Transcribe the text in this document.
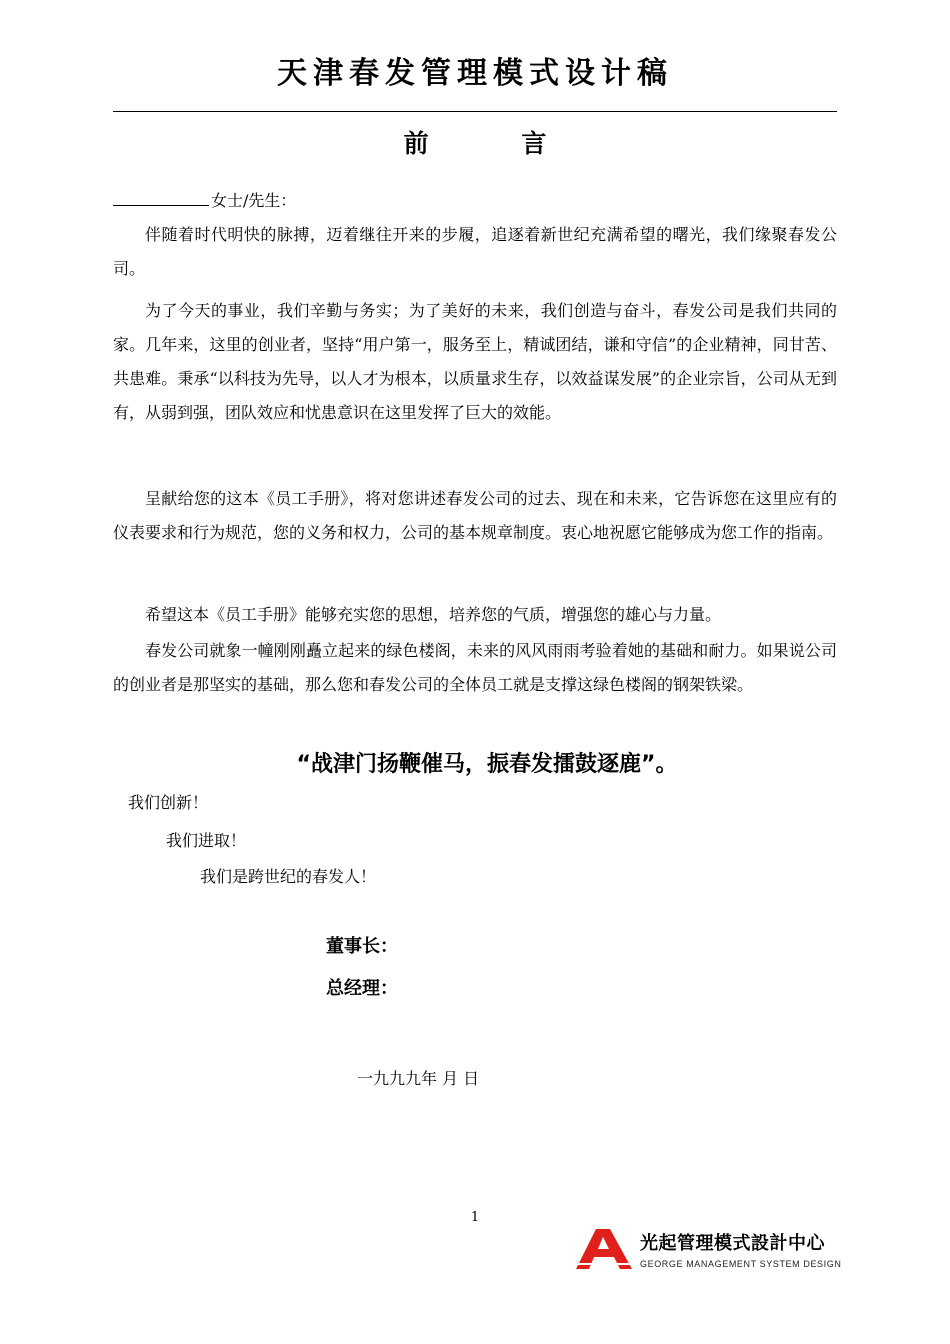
天津春发管理模式设计稿
前 言
女士/先生：
伴随着时代明快的脉搏，迈着继往开来的步履，追逐着新世纪充满希望的曙光，我们缘聚春发公司。
为了今天的事业，我们辛勤与务实；为了美好的未来，我们创造与奋斗，春发公司是我们共同的家。几年来，这里的创业者，坚持“用户第一，服务至上，精诚团结，谦和守信”的企业精神，同甘苦、共患难。秉承“以科技为先导，以人才为根本，以质量求生存，以效益谋发展”的企业宗旨，公司从无到有，从弱到强，团队效应和忧患意识在这里发挥了巨大的效能。
呈献给您的这本《员工手册》，将对您讲述春发公司的过去、现在和未来，它告诉您在这里应有的仪表要求和行为规范，您的义务和权力，公司的基本规章制度。衷心地祝愿它能够成为您工作的指南。
希望这本《员工手册》能够充实您的思想，培养您的气质，增强您的雄心与力量。
春发公司就象一幢刚刚矗立起来的绿色楼阁，未来的风风雨雨考验着她的基础和耐力。如果说公司的创业者是那坚实的基础，那么您和春发公司的全体员工就是支撑这绿色楼阁的钢架铁梁。
“战津门扬鞭催马，振春发擂鼓逐鹿”。
我们创新！
我们进取！
我们是跨世纪的春发人！
董事长：
总经理：
一九九九年 月 日
1
光起管理模式設計中心
GEORGE MANAGEMENT SYSTEM DESIGN
